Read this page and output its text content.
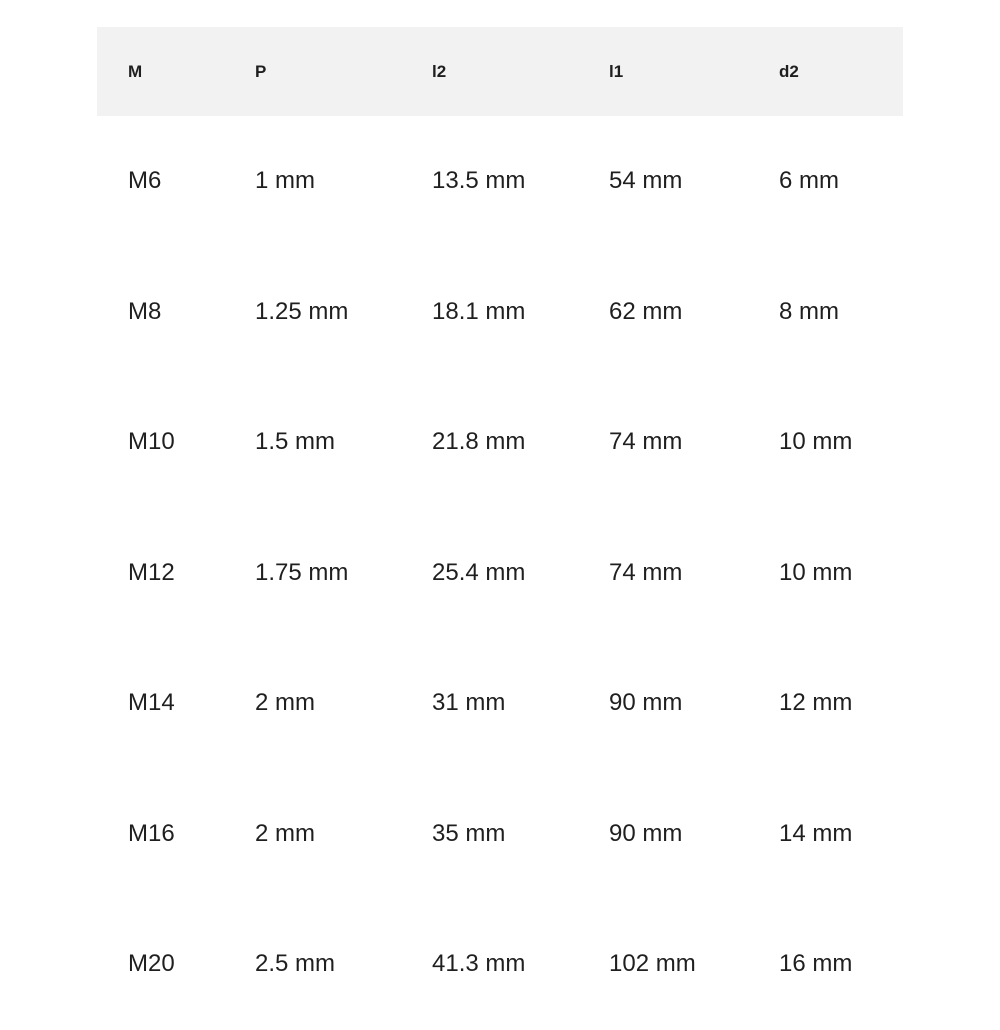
M	P	l2	l1	d2
M6	1 mm	13.5 mm	54 mm	6 mm
M8	1.25 mm	18.1 mm	62 mm	8 mm
M10	1.5 mm	21.8 mm	74 mm	10 mm
M12	1.75 mm	25.4 mm	74 mm	10 mm
M14	2 mm	31 mm	90 mm	12 mm
M16	2 mm	35 mm	90 mm	14 mm
M20	2.5 mm	41.3 mm	102 mm	16 mm
